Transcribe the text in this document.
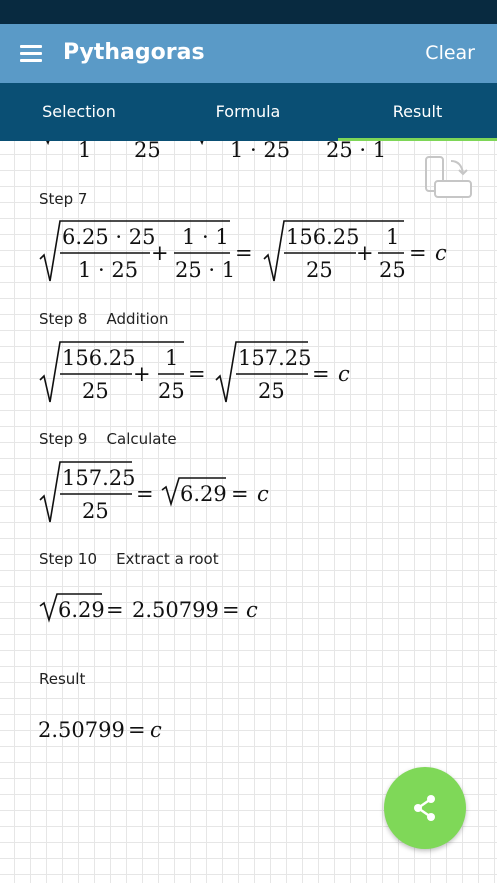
Pythagoras	Clear
Selection	Formula	Result
1 25	1 · 25 25 · 1
Step 7
6.25 · 25
1 · 25
+
1 · 1
25 · 1
=
156.25
25
+
1
25
= c
Step 8    Addition
156.25
25
+
1
25
=
157.25
25
= c
Step 9    Calculate
157.25
25
= 6.29 = c
Step 10    Extract a root
6.29 = 2.50799 = c
Result
2.50799 = c
